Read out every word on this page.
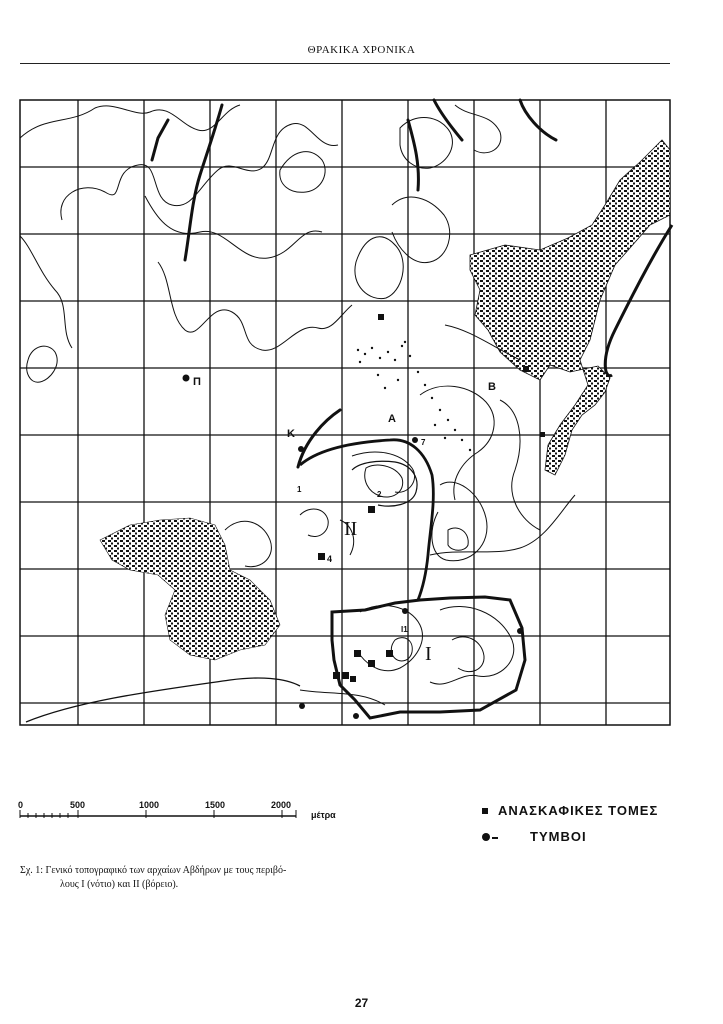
ΘΡΑΚΙΚΑ ΧΡΟΝΙΚΑ
Π
Κ
Α
Β
1
2
4
7
Ι1
II
I
0	500	1000	1500	2000
μέτρα	ΑΝΑΣΚΑΦΙΚΕΣ ΤΟΜΕΣ
ΤΥΜΒΟΙ
Σχ. 1: Γενικό τοπογραφικό των αρχαίων Αβδήρων με τους περιβό-
λους Ι (νότιο) και ΙΙ (βόρειο).
27
